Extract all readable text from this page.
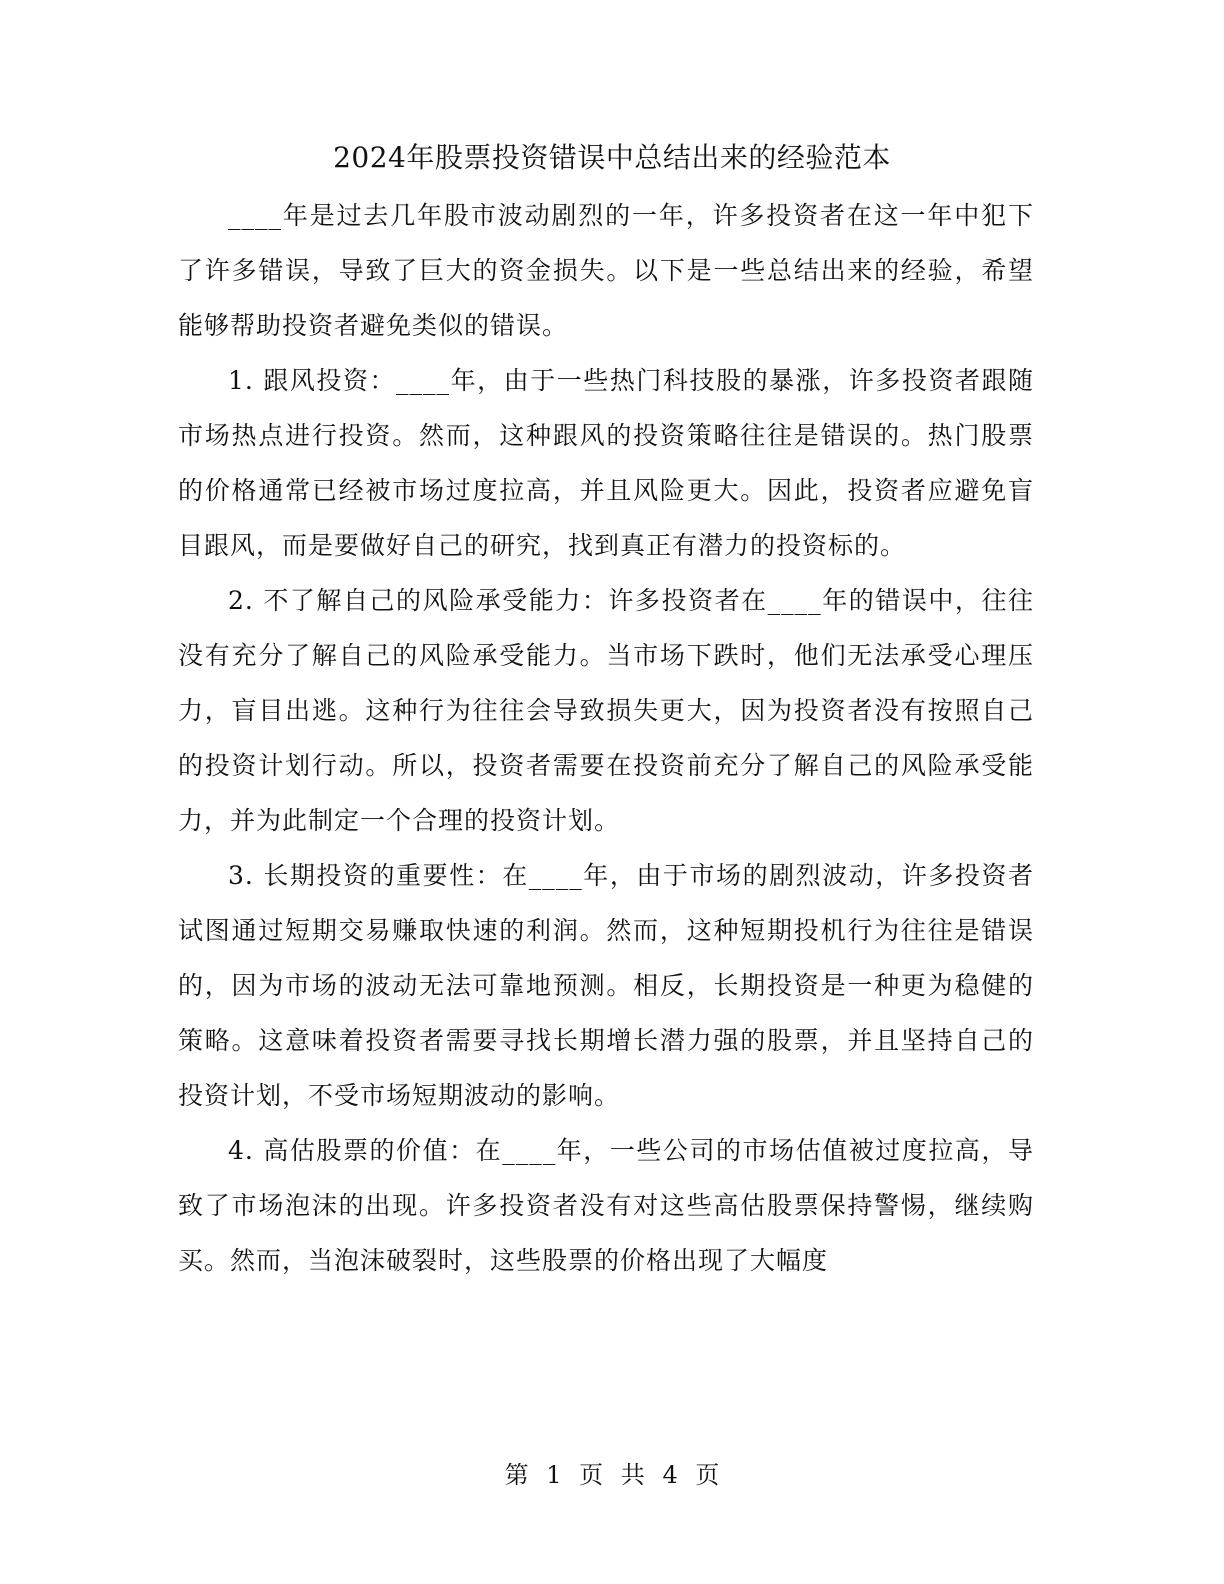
2024年股票投资错误中总结出来的经验范本

____年是过去几年股市波动剧烈的一年，许多投资者在这一年中犯下了许多错误，导致了巨大的资金损失。以下是一些总结出来的经验，希望能够帮助投资者避免类似的错误。

1. 跟风投资：____年，由于一些热门科技股的暴涨，许多投资者跟随市场热点进行投资。然而，这种跟风的投资策略往往是错误的。热门股票的价格通常已经被市场过度拉高，并且风险更大。因此，投资者应避免盲目跟风，而是要做好自己的研究，找到真正有潜力的投资标的。

2. 不了解自己的风险承受能力：许多投资者在____年的错误中，往往没有充分了解自己的风险承受能力。当市场下跌时，他们无法承受心理压力，盲目出逃。这种行为往往会导致损失更大，因为投资者没有按照自己的投资计划行动。所以，投资者需要在投资前充分了解自己的风险承受能力，并为此制定一个合理的投资计划。

3. 长期投资的重要性：在____年，由于市场的剧烈波动，许多投资者试图通过短期交易赚取快速的利润。然而，这种短期投机行为往往是错误的，因为市场的波动无法可靠地预测。相反，长期投资是一种更为稳健的策略。这意味着投资者需要寻找长期增长潜力强的股票，并且坚持自己的投资计划，不受市场短期波动的影响。

4. 高估股票的价值：在____年，一些公司的市场估值被过度拉高，导致了市场泡沫的出现。许多投资者没有对这些高估股票保持警惕，继续购买。然而，当泡沫破裂时，这些股票的价格出现了大幅度

第 1 页 共 4 页
